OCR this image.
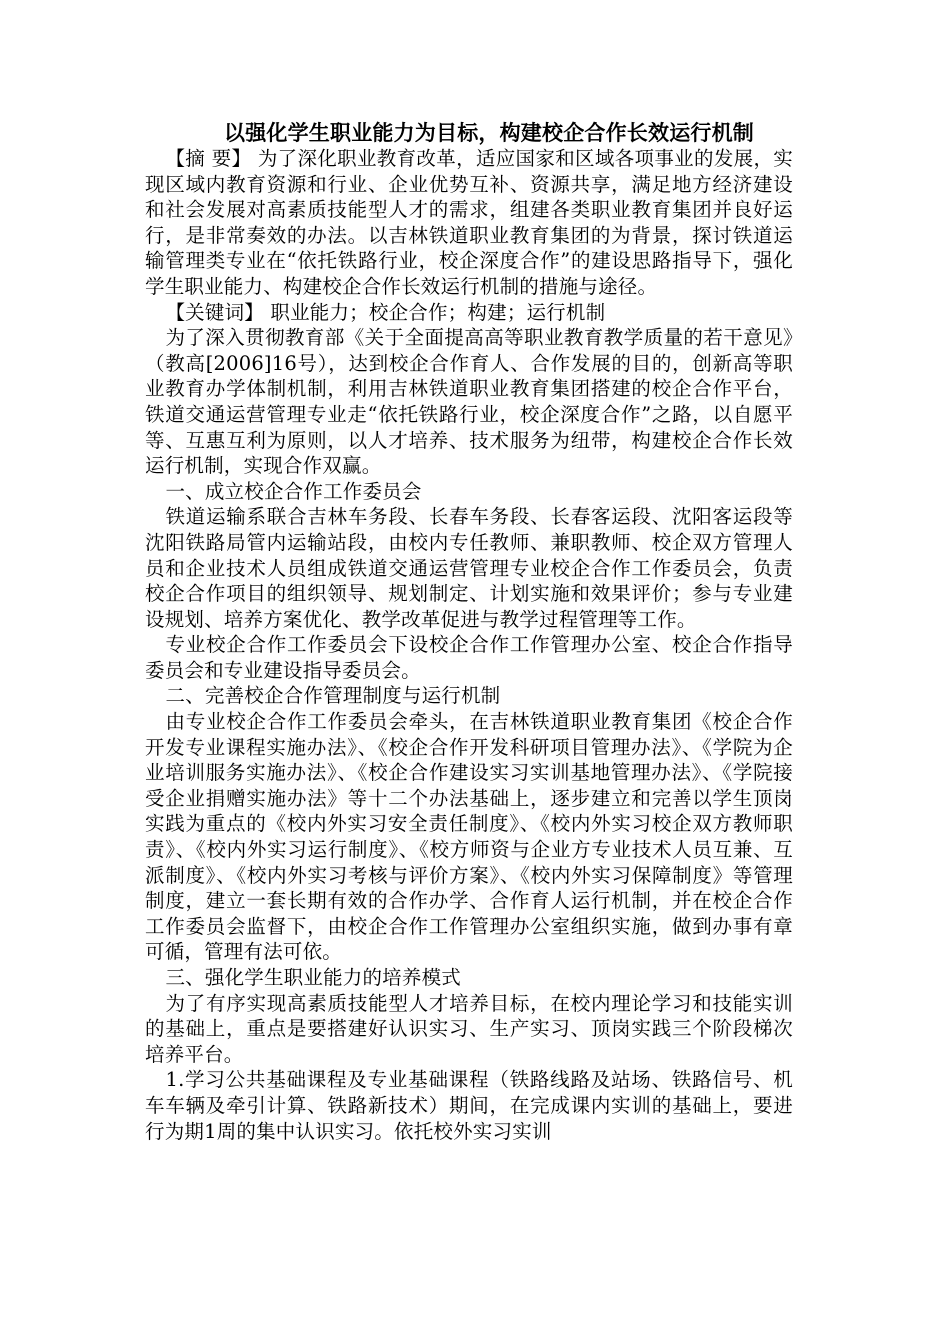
以强化学生职业能力为目标，构建校企合作长效运行机制

【摘 要】 为了深化职业教育改革，适应国家和区域各项事业的发展，实现区域内教育资源和行业、企业优势互补、资源共享，满足地方经济建设和社会发展对高素质技能型人才的需求，组建各类职业教育集团并良好运行，是非常奏效的办法。以吉林铁道职业教育集团的为背景，探讨铁道运输管理类专业在“依托铁路行业，校企深度合作”的建设思路指导下，强化学生职业能力、构建校企合作长效运行机制的措施与途径。

【关键词】 职业能力；校企合作；构建；运行机制

为了深入贯彻教育部《关于全面提高高等职业教育教学质量的若干意见》（教高[2006]16号），达到校企合作育人、合作发展的目的，创新高等职业教育办学体制机制，利用吉林铁道职业教育集团搭建的校企合作平台，铁道交通运营管理专业走“依托铁路行业，校企深度合作”之路，以自愿平等、互惠互利为原则，以人才培养、技术服务为纽带，构建校企合作长效运行机制，实现合作双赢。

一、成立校企合作工作委员会

铁道运输系联合吉林车务段、长春车务段、长春客运段、沈阳客运段等沈阳铁路局管内运输站段，由校内专任教师、兼职教师、校企双方管理人员和企业技术人员组成铁道交通运营管理专业校企合作工作委员会，负责校企合作项目的组织领导、规划制定、计划实施和效果评价；参与专业建设规划、培养方案优化、教学改革促进与教学过程管理等工作。

专业校企合作工作委员会下设校企合作工作管理办公室、校企合作指导委员会和专业建设指导委员会。

二、完善校企合作管理制度与运行机制

由专业校企合作工作委员会牵头，在吉林铁道职业教育集团《校企合作开发专业课程实施办法》、《校企合作开发科研项目管理办法》、《学院为企业培训服务实施办法》、《校企合作建设实习实训基地管理办法》、《学院接受企业捐赠实施办法》等十二个办法基础上，逐步建立和完善以学生顶岗实践为重点的《校内外实习安全责任制度》、《校内外实习校企双方教师职责》、《校内外实习运行制度》、《校方师资与企业方专业技术人员互兼、互派制度》、《校内外实习考核与评价方案》、《校内外实习保障制度》等管理制度，建立一套长期有效的合作办学、合作育人运行机制，并在校企合作工作委员会监督下，由校企合作工作管理办公室组织实施，做到办事有章可循，管理有法可依。

三、强化学生职业能力的培养模式

为了有序实现高素质技能型人才培养目标，在校内理论学习和技能实训的基础上，重点是要搭建好认识实习、生产实习、顶岗实践三个阶段梯次培养平台。

1.学习公共基础课程及专业基础课程（铁路线路及站场、铁路信号、机车车辆及牵引计算、铁路新技术）期间，在完成课内实训的基础上，要进行为期1周的集中认识实习。依托校外实习实训
